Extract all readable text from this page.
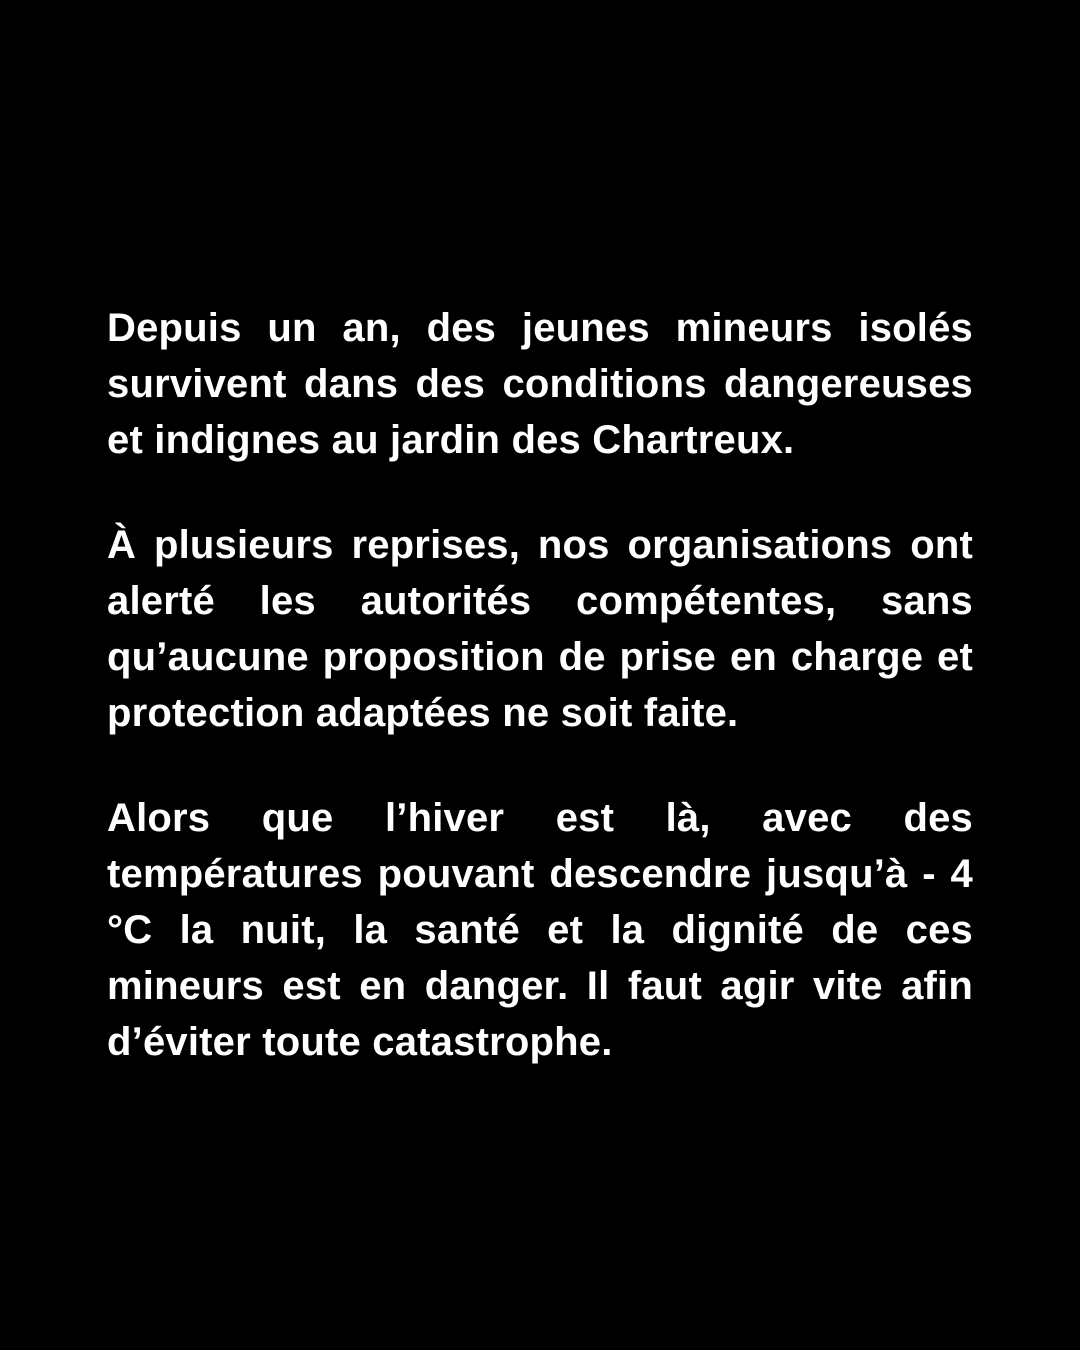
Depuis un an, des jeunes mineurs isolés survivent dans des conditions dangereuses et indignes au jardin des Chartreux.

À plusieurs reprises, nos organisations ont alerté les autorités compétentes, sans qu’aucune proposition de prise en charge et protection adaptées ne soit faite.

Alors que l’hiver est là, avec des températures pouvant descendre jusqu’à - 4 °C la nuit, la santé et la dignité de ces mineurs est en danger. Il faut agir vite afin d’éviter toute catastrophe.
